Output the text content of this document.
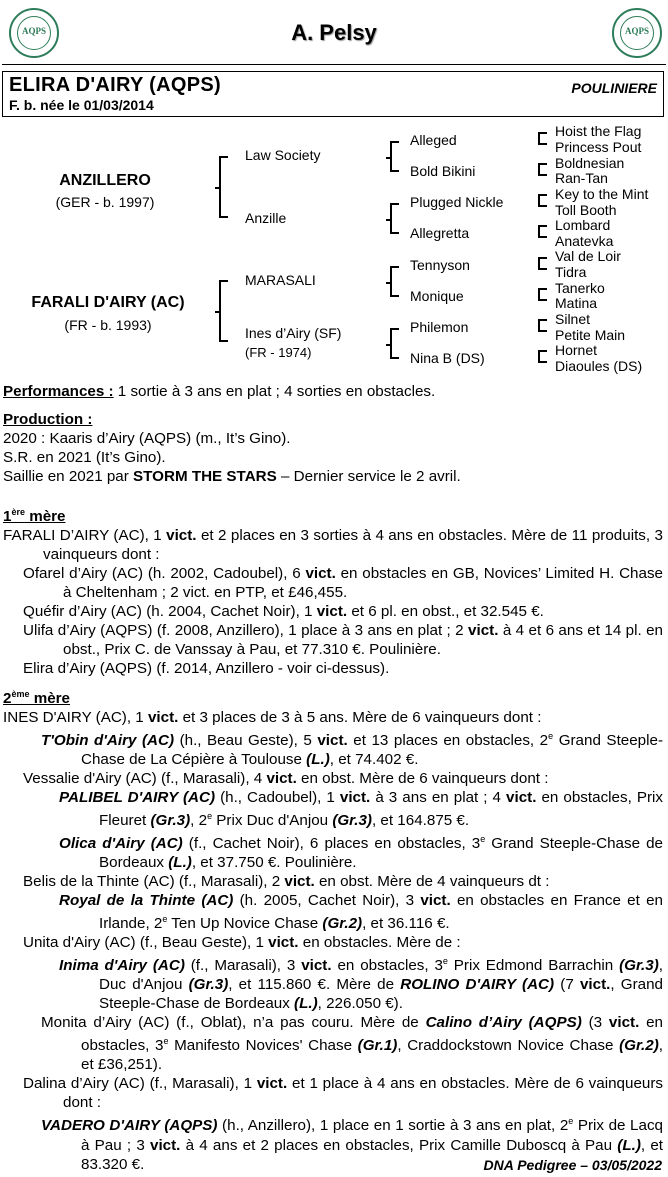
AQPS	A. Pelsy	AQPS
ELIRA D'AIRY (AQPS)	POULINIERE
F. b. née le 01/03/2014
ANZILLERO
(GER - b. 1997)
FARALI D'AIRY (AC)
(FR - b. 1993)
Law Society
Anzille
MARASALI
Ines d’Airy (SF)
(FR - 1974)
Alleged
Bold Bikini
Plugged Nickle
Allegretta
Tennyson
Monique
Philemon
Nina B (DS)
Hoist the Flag
Princess Pout
Boldnesian
Ran-Tan
Key to the Mint
Toll Booth
Lombard
Anatevka
Val de Loir
Tidra
Tanerko
Matina
Silnet
Petite Main
Hornet
Diaoules (DS)

Performances : 1 sortie à 3 ans en plat ; 4 sorties en obstacles.

Production :

2020 : Kaaris d’Airy (AQPS) (m., It’s Gino).

S.R. en 2021 (It’s Gino).

Saillie en 2021 par STORM THE STARS – Dernier service le 2 avril.

1ère mère

FARALI D’AIRY (AC), 1 vict. et 2 places en 3 sorties à 4 ans en obstacles. Mère de 11 produits, 3 vainqueurs dont :

Ofarel d’Airy (AC) (h. 2002, Cadoubel), 6 vict. en obstacles en GB, Novices’ Limited H. Chase à Cheltenham ; 2 vict. en PTP, et £46,455.

Quéfir d’Airy (AC) (h. 2004, Cachet Noir), 1 vict. et 6 pl. en obst., et 32.545 €.

Ulifa d’Airy (AQPS) (f. 2008, Anzillero), 1 place à 3 ans en plat ; 2 vict. à 4 et 6 ans et 14 pl. en obst., Prix C. de Vanssay à Pau, et 77.310 €. Poulinière.

Elira d’Airy (AQPS) (f. 2014, Anzillero - voir ci-dessus).

2ème mère

INES D'AIRY (AC), 1 vict. et 3 places de 3 à 5 ans. Mère de 6 vainqueurs dont :

T'Obin d'Airy (AC) (h., Beau Geste), 5 vict. et 13 places en obstacles, 2e Grand Steeple-Chase de La Cépière à Toulouse (L.), et 74.402 €.

Vessalie d'Airy (AC) (f., Marasali), 4 vict. en obst. Mère de 6 vainqueurs dont :

PALIBEL D'AIRY (AC) (h., Cadoubel), 1 vict. à 3 ans en plat ; 4 vict. en obstacles, Prix Fleuret (Gr.3), 2e Prix Duc d'Anjou (Gr.3), et 164.875 €.

Olica d'Airy (AC) (f., Cachet Noir), 6 places en obstacles, 3e Grand Steeple-Chase de Bordeaux (L.), et 37.750 €. Poulinière.

Belis de la Thinte (AC) (f., Marasali), 2 vict. en obst. Mère de 4 vainqueurs dt :

Royal de la Thinte (AC) (h. 2005, Cachet Noir), 3 vict. en obstacles en France et en Irlande, 2e Ten Up Novice Chase (Gr.2), et 36.116 €.

Unita d'Airy (AC) (f., Beau Geste), 1 vict. en obstacles. Mère de :

Inima d'Airy (AC) (f., Marasali), 3 vict. en obstacles, 3e Prix Edmond Barrachin (Gr.3), Duc d'Anjou (Gr.3), et 115.860 €. Mère de ROLINO D'AIRY (AC) (7 vict., Grand Steeple-Chase de Bordeaux (L.), 226.050 €).

Monita d’Airy (AC) (f., Oblat), n’a pas couru. Mère de Calino d’Airy (AQPS) (3 vict. en obstacles, 3e Manifesto Novices' Chase (Gr.1), Craddockstown Novice Chase (Gr.2), et £36,251).

Dalina d’Airy (AC) (f., Marasali), 1 vict. et 1 place à 4 ans en obstacles. Mère de 6 vainqueurs dont :

VADERO D'AIRY (AQPS) (h., Anzillero), 1 place en 1 sortie à 3 ans en plat, 2e Prix de Lacq à Pau ; 3 vict. à 4 ans et 2 places en obstacles, Prix Camille Duboscq à Pau (L.), et 83.320 €.	DNA Pedigree – 03/05/2022
